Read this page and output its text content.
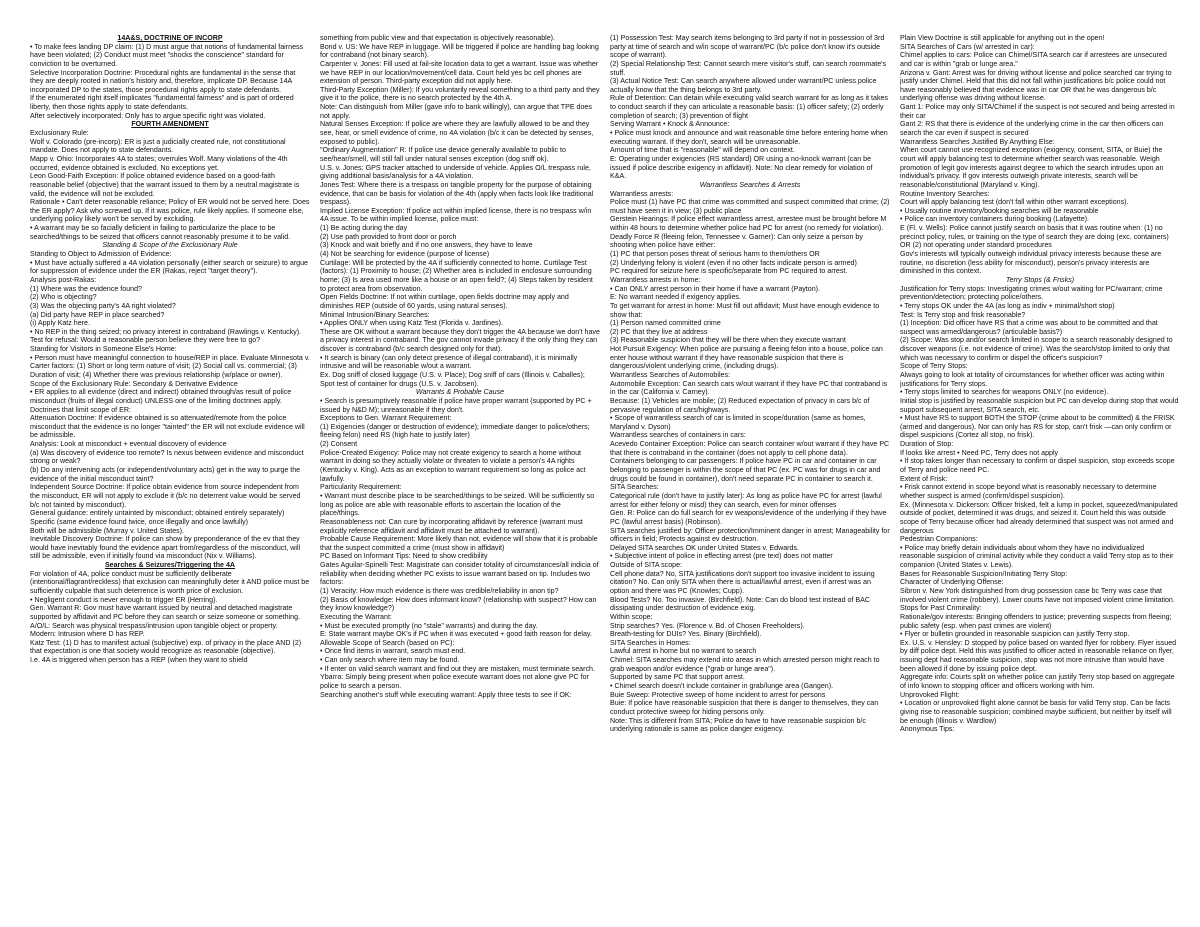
14A&S, DOCTRINE OF INCORP

• To make fees landing DP claim: (1) D must argue that notions of fundamental fairness have been violated; (2) Conduct must meet "shocks the conscience" standard for conviction to be overturned.

Selective Incorporation Doctrine: Procedural rights are fundamental in the sense that they are deeply rooted in nation's history and, therefore, implicate DP. Because 14A incorporated DP to the states, those procedural rights apply to state defendants.

If the enumerated right itself implicates "fundamental fairness" and is part of ordered liberty, then those rights apply to state defendants.

After selectively incorporated: Only has to argue specific right was violated.

FOURTH AMENDMENT

Exclusionary Rule:

Wolf v. Colorado (pre-incorp): ER is just a judicially created rule, not constitutional mandate. Does not apply to state defendants.

Mapp v. Ohio: Incorporates 4A to states; overrules Wolf. Many violations of the 4th occurred, evidence obtained is excluded. No exceptions yet.

Leon Good-Faith Exception: If police obtained evidence based on a good-faith reasonable belief (objective) that the warrant issued to them by a neutral magistrate is valid, the evidence will not be excluded.

Rationale • Can't deter reasonable reliance; Policy of ER would not be served here. Does the ER apply? Ask who screwed up. If it was police, rule likely applies. If someone else, underlying policy likely won't be served by excluding.

• A warrant may be so facially deficient in failing to particularize the place to be searched/things to be seized that officers cannot reasonably presume it to be valid.

Standing & Scope of the Exclusionary Rule

Standing to Object to Admission of Evidence:

• Must have actually suffered a 4A violation personally (either search or seizure) to argue for suppression of evidence under the ER (Rakas, reject "target theory").

Analysis post-Rakas:

(1) Where was the evidence found?

(2) Who is objecting?

(3) Was the objecting party's 4A right violated?

(a) Did party have REP in place searched?

(i) Apply Katz here.

• No REP in the thing seized; no privacy interest in contraband (Rawlings v. Kentucky).

Test for refusal: Would a reasonable person believe they were free to go?

Standing for Visitors in Someone Else's Home:

• Person must have meaningful connection to house/REP in place. Evaluate Minnesota v. Carter factors: (1) Short or long term nature of visit; (2) Social call vs. commercial; (3) Duration of visit; (4) Whether there was previous relationship (w/place or owner).

Scope of the Exclusionary Rule: Secondary & Derivative Evidence

• ER applies to all evidence (direct and indirect) obtained through/as result of police misconduct (fruits of illegal conduct) UNLESS one of the limiting doctrines apply.

Doctrines that limit scope of ER:

Attenuation Doctrine: If evidence obtained is so attenuated/remote from the police misconduct that the evidence is no longer "tainted" the ER will not exclude evidence will be admissible.

Analysis: Look at misconduct + eventual discovery of evidence

(a) Was discovery of evidence too remote? Is nexus between evidence and misconduct strong or weak?

(b) Do any intervening acts (or independent/voluntary acts) get in the way to purge the evidence of the initial misconduct taint?

Independent Source Doctrine: If police obtain evidence from source independent from the misconduct, ER will not apply to exclude it (b/c no deterrent value would be served b/c not tainted by misconduct).

General guidance: entirely untainted by misconduct; obtained entirely separately) Specific (same evidence found twice, once illegally and once lawfully)

Both will be admissible (Murray v. United States).

Inevitable Discovery Doctrine: If police can show by preponderance of the ev that they would have inevitably found the evidence apart from/regardless of the misconduct, will still be admissible, even if initially found via misconduct (Nix v. Williams).

Searches & Seizures/Triggering the 4A

For violation of 4A, police conduct must be sufficiently deliberate (intentional/flagrant/reckless) that exclusion can meaningfully deter it AND police must be sufficiently culpable that such deterrence is worth price of exclusion.

• Negligent conduct is never enough to trigger ER (Herring).

Gen. Warrant R: Gov must have warrant issued by neutral and detached magistrate supported by affidavit and PC before they can search or seize someone or something.

A/O/L: Search was physical trespass/intrusion upon tangible object or property.

Modern: Intrusion where D has REP.

Katz Test: (1) D has to manifest actual (subjective) exp. of privacy in the place AND (2) that expectation is one that society would recognize as reasonable (objective).

I.e. 4A is triggered when person has a REP (when they want to shield

something from public view and that expectation is objectively reasonable).

Bond v. US: We have REP in luggage. Will be triggered if police are handling bag looking for contraband (not binary search).

Carpenter v. Jones: Fill used at fail-site location data to get a warrant. Issue was whether we have REP in our location/movement/cell data. Court held yes bc cell phones are extension of person. Third-party exception did not apply here.

Third-Party Exception (Miller): If you voluntarily reveal something to a third party and they give it to the police, there is no search protected by the 4th A.

Note: Can distinguish from Miller (gave info to bank willingly), can argue that TPE does not apply.

Natural Senses Exception: If police are where they are lawfully allowed to be and they see, hear, or smell evidence of crime, no 4A violation (b/c it can be detected by senses, exposed to public).

"Ordinary Augmentation" R: If police use device generally available to public to see/hear/smell, will still fall under natural senses exception (dog sniff ok).

U.S. v. Jones: GPS tracker attached to underside of vehicle. Applies O/L trespass rule, giving additional basis/analysis for a 4A violation.

Jones Test: Where there is a trespass on tangible property for the purpose of obtaining evidence, that can be basis for violation of the 4th (apply when facts look like traditional trespass).

Implied License Exception: If police act within implied license, there is no trespass w/in 4A issue. To be within implied license, police must:

(1) Be acting during the day

(2) Use path provided to front door or porch

(3) Knock and wait briefly and if no one answers, they have to leave

(4) Not be searching for evidence (purpose of license)

Curtilage: Will be protected by the 4A if sufficiently connected to home. Curtilage Test (factors): (1) Proximity to house; (2) Whether area is included in enclosure surrounding home; (3) Is area used more like a house or an open field?; (4) Steps taken by resident to protect area from observation.

Open Fields Doctrine: If not within curtilage, open fields doctrine may apply and diminishes REP (outside of 60 yards, using natural senses).

Minimal Intrusion/Binary Searches:

• Applies ONLY when using Katz Test (Florida v. Jardines).

These are OK without a warrant because they don't trigger the 4A because we don't have a privacy interest in contraband. The gov cannot invade privacy if the only thing they can discover is contraband (b/c search designed only for that).

• It search is binary (can only detect presence of illegal contraband), it is minimally intrusive and will be reasonable w/out a warrant.

Ex. Dog sniff of closed luggage (U.S. v. Place); Dog sniff of cars (Illinois v. Caballes); Spot test of container for drugs (U.S. v. Jacobsen).

Warrants & Probable Cause

• Search is presumptively reasonable if police have proper warrant (supported by PC + issued by N&D M); unreasonable if they don't.

Exceptions to Gen. Warrant Requirement:

(1) Exigencies (danger or destruction of evidence); immediate danger to police/others; fleeing felon) need RS (high hate to justify later)

(2) Consent

Police-Created Exigency: Police may not create exigency to search a home without warrant in doing so they actually violate or threaten to violate a person's 4A rights (Kentucky v. King). Acts as an exception to warrant requirement so long as police act lawfully.

Particularity Requirement:

• Warrant must describe place to be searched/things to be seized. Will be sufficiently so long as police are able with reasonable efforts to ascertain the location of the place/things.

Reasonableness not: Can cure by incorporating affidavit by reference (warrant must explicitly reference affidavit and affidavit must be attached to warrant).

Probable Cause Requirement: More likely than not, evidence will show that it is probable that the suspect committed a crime (must show in affidavit)

PC Based on Informant Tips: Need to show credibility

Gates Aguilar-Spinelli Test: Magistrate can consider totality of circumstances/all indicia of reliability when deciding whether PC exists to issue warrant based on tip. Includes two factors:

(1) Veracity: How much evidence is there was credible/reliability in anon tip?

(2) Basis of knowledge: How does informant know? (relationship with suspect? How can they know knowledge?)

Executing the Warrant:

• Must be executed promptly (no "stale" warrants) and during the day.

E: State warrant maybe OK's if PC when it was executed + good faith reason for delay.

Allowable Scope of Search (based on PC):

• Once find items in warrant, search must end.

• Can only search where item may be found.

• If enter on valid search warrant and find out they are mistaken, must terminate search.

Ybarra: Simply being present when police execute warrant does not alone give PC for police to search a person.

Searching another's stuff while executing warrant: Apply three tests to see if OK:

(1) Possession Test: May search items belonging to 3rd party if not in possession of 3rd party at time of search and w/in scope of warrant/PC (b/c police don't know it's outside scope of warrant).

(2) Special Relationship Test: Cannot search mere visitor's stuff, can search roommate's stuff.

(3) Actual Notice Test: Can search anywhere allowed under warrant/PC unless police actually know that the thing belongs to 3rd party.

Rule of Detention: Can detain while executing valid search warrant for as long as it takes to conduct search if they can articulate a reasonable basis: (1) officer safety; (2) orderly completion of search; (3) prevention of flight

Serving Warrant • Knock & Announce:

• Police must knock and announce and wait reasonable time before entering home when executing warrant. If they don't, search will be unreasonable.

Amount of time that is "reasonable" will depend on context.

E: Operating under exigencies (RS standard) OR using a no-knock warrant (can be issued if police describe exigency in affidavit). Note: No clear remedy for violation of K&A.

Warrantless Searches & Arrests

Warrantless arrests:

Police must (1) have PC that crime was committed and suspect committed that crime; (2) must have seen it in view; (3) public place

Gerstein Hearings: If police effect warrantless arrest, arrestee must be brought before M within 48 hours to determine whether police had PC for arrest (no remedy for violation).

Deadly Force R (fleeing felon, Tennessee v. Garner): Can only seize a person by shooting when police have either:

(1) PC that person poses threat of serious harm to them/others OR

(2) Underlying felony is violent (even if no other facts indicate person is armed)

PC required for seizure here is specific/separate from PC required to arrest.

Warrantless arrests in home:

• Can ONLY arrest person in their home if have a warrant (Payton).

E: No warrant needed if exigency applies.

To get warrant for arrest in home: Must fill out affidavit; Must have enough evidence to show that:

(1) Person named committed crime

(2) PC that they live at address

(3) Reasonable suspicion that they will be there when they execute warrant

Hot Pursuit Exigency: When police are pursuing a fleeing felon into a house, police can enter house without warrant if they have reasonable suspicion that there is dangerous/violent underlying crime, (including drugs).

Warrantless Searches of Automobiles:

Automobile Exception: Can search cars w/out warrant if they have PC that contraband is in the car (California v. Carney).

Because: (1) Vehicles are mobile; (2) Reduced expectation of privacy in cars b/c of pervasive regulation of cars/highways.

• Scope of warrantless search of car is limited in scope/duration (same as homes, Maryland v. Dyson)

Warrantless searches of containers in cars:

Acevedo Container Exception: Police can search container w/out warrant if they have PC that there is contraband in the container (does not apply to cell phone data).

Containers belonging to car passengers: If police have PC in car and container in car belonging to passenger is within the scope of that PC (ex. PC was for drugs in car and drugs could be found in container), don't need separate PC in container to search it.

SITA Searches:

Categorical rule (don't have to justify later): As long as police have PC for arrest (lawful arrest for either felony or misd) they can search, even for minor offenses

Gen. R: Police can do full search for ev weapons/evidence of the underlying if they have PC (lawful arrest basis) (Robinson).

SITA searches justified by: Officer protection/Imminent danger in arrest; Manageability for officers in field; Protects against ev destruction.

Delayed SITA searches OK under United States v. Edwards.

• Subjective intent of police in effecting arrest (pre text) does not matter

Outside of SITA scope:

Cell phone data? No, SITA justifications don't support too invasive incident to issuing citation? No. Can only SITA when there is actual/lawful arrest, even if arrest was an option and there was PC (Knowles; Cupp).

Blood Tests? No. Too invasive. (Birchfield). Note: Can do blood test instead of BAC dissipating under destruction of evidence exig.

Within scope:

Strip searches? Yes. (Florence v. Bd. of Chosen Freeholders).

Breath-testing for DUIs? Yes. Binary (Birchfield).

SITA Searches in Homes:

Lawful arrest in home but no warrant to search

Chimel: SITA searches may extend into areas in which arrested person might reach to grab weapon and/or evidence ("grab or lunge area").

Supported by same PC that support arrest.

• Chimel search doesn't include container in grab/lunge area (Gangen).

Buie Sweep: Protective sweep of home incident to arrest for persons

Buie: If police have reasonable suspicion that there is danger to themselves, they can conduct protective sweep for hiding persons only.

Note: This is different from SITA; Police do have to have reasonable suspicion b/c underlying rationale is same as police danger exigency.

Plain View Doctrine is still applicable for anything out in the open!

SITA Searches of Cars (w/ arrested in car):

Chimel applies to cars: Police can Chimel/SITA search car if arrestees are unsecured and car is within "grab or lunge area."

Arizona v. Gant: Arrest was for driving without license and police searched car trying to justify under Chimel. Held that this did not fall within justifications b/c police could not have reasonably believed that evidence was in car OR that he was dangerous b/c underlying offense was driving without license.

Gant 1: Police may only SITA/Chimel if the suspect is not secured and being arrested in their car

Gant 2: RS that there is evidence of the underlying crime in the car then officers can search the car even if suspect is secured

Warrantless Searches Justified By Anything Else:

When court cannot use recognized exception (exigency, consent, SITA, or Buie) the court will apply balancing test to determine whether search was reasonable. Weigh promotion of legit gov interests against degree to which the search intrudes upon an individual's privacy. If gov interests outweigh private interests, search will be reasonable/constitutional (Maryland v. King).

Routine Inventory Searches:

Court will apply balancing test (don't fall within other warrant exceptions).

• Usually routine inventory/booking searches will be reasonable

• Police can inventory containers during booking (Lafayette).

E (Fl. v. Wells): Police cannot justify search on basis that it was routine when: (1) no precinct policy, rules, or training on the type of search they are doing (exc. containers) OR (2) not operating under standard procedures

Gov's interests will typically outweigh individual privacy interests because these are routine, no discretion (less ability for misconduct), person's privacy interests are diminished in this context.

Terry Stops (& Frisks)

Justification for Terry stops: Investigating crimes w/out waiting for PC/warrant; crime prevention/detection; protecting police/others.

• Terry stops OK under the 4A (as long as indiv + minimal/short stop)

Test: Is Terry stop and frisk reasonable?

(1) Inception: Did officer have RS that a crime was about to be committed and that suspect was armed/dangerous? (articulable basis?)

(2) Scope: Was stop and/or search limited in scope to a search reasonably designed to discover weapons (i.e. not evidence of crime). Was the search/stop limited to only that which was necessary to confirm or dispel the officer's suspicion?

Scope of Terry Stops:

Always going to look at totality of circumstances for whether officer was acting within justifications for Terry stops.

• Terry stops limited to searches for weapons ONLY (no evidence).

Initial stop is justified by reasonable suspicion but PC can develop during stop that would support subsequent arrest, SITA search, etc.

• Must have RS to support BOTH the STOP (crime about to be committed) & the FRISK (armed and dangerous). Nor can only has RS for stop, can't frisk —can only confirm or dispel suspicions (Cortez all stop, no frisk).

Duration of Stop:

If looks like arrest • Need PC, Terry does not apply

• If stop takes longer than necessary to confirm or dispel suspicion, stop exceeds scope of Terry and police need PC.

Extent of Frisk:

• Frisk cannot extend in scope beyond what is reasonably necessary to determine whether suspect is armed (confirm/dispel suspicion).

Ex. (Minnesota v. Dickerson: Officer frisked, felt a lump in pocket, squeezed/manipulated outside of pocket, determined it was drugs, and seized it. Court held this was outside scope of Terry because officer had already determined that suspect was not armed and dangerous

Pedestrian Companions:

• Police may briefly detain individuals about whom they have no individualized reasonable suspicion of criminal activity while they conduct a valid Terry stop as to their companion (United States v. Lewis).

Bases for Reasonable Suspicion/Initiating Terry Stop:

Character of Underlying Offense:

Sibron v. New York distinguished from drug possession case bc Terry was case that involved violent crime (robbery). Lower courts have not imposed violent crime limitation.

Stops for Past Criminality:

Rationale/gov interests: Bringing offenders to justice; preventing suspects from fleeing; public safety (esp. when past crimes are violent)

• Flyer or bulletin grounded in reasonable suspicion can justify Terry stop.

Ex. U.S. v. Hensley: D stopped by police based on wanted flyer for robbery. Flyer issued by diff police dept. Held this was justified to officer acted in reasonable reliance on flyer, issuing dept had reasonable suspicion, stop was not more intrusive than would have been allowed if done by issuing police dept.

Aggregate info: Courts split on whether police can justify Terry stop based on aggregate of info known to stopping officer and officers working with him.

Unprovoked Flight:

• Location or unprovoked flight alone cannot be basis for valid Terry stop. Can be facts giving rise to reasonable suspicion; combined maybe sufficient, but neither by itself will be enough (Illinois v. Wardlow)

Anonymous Tips:
